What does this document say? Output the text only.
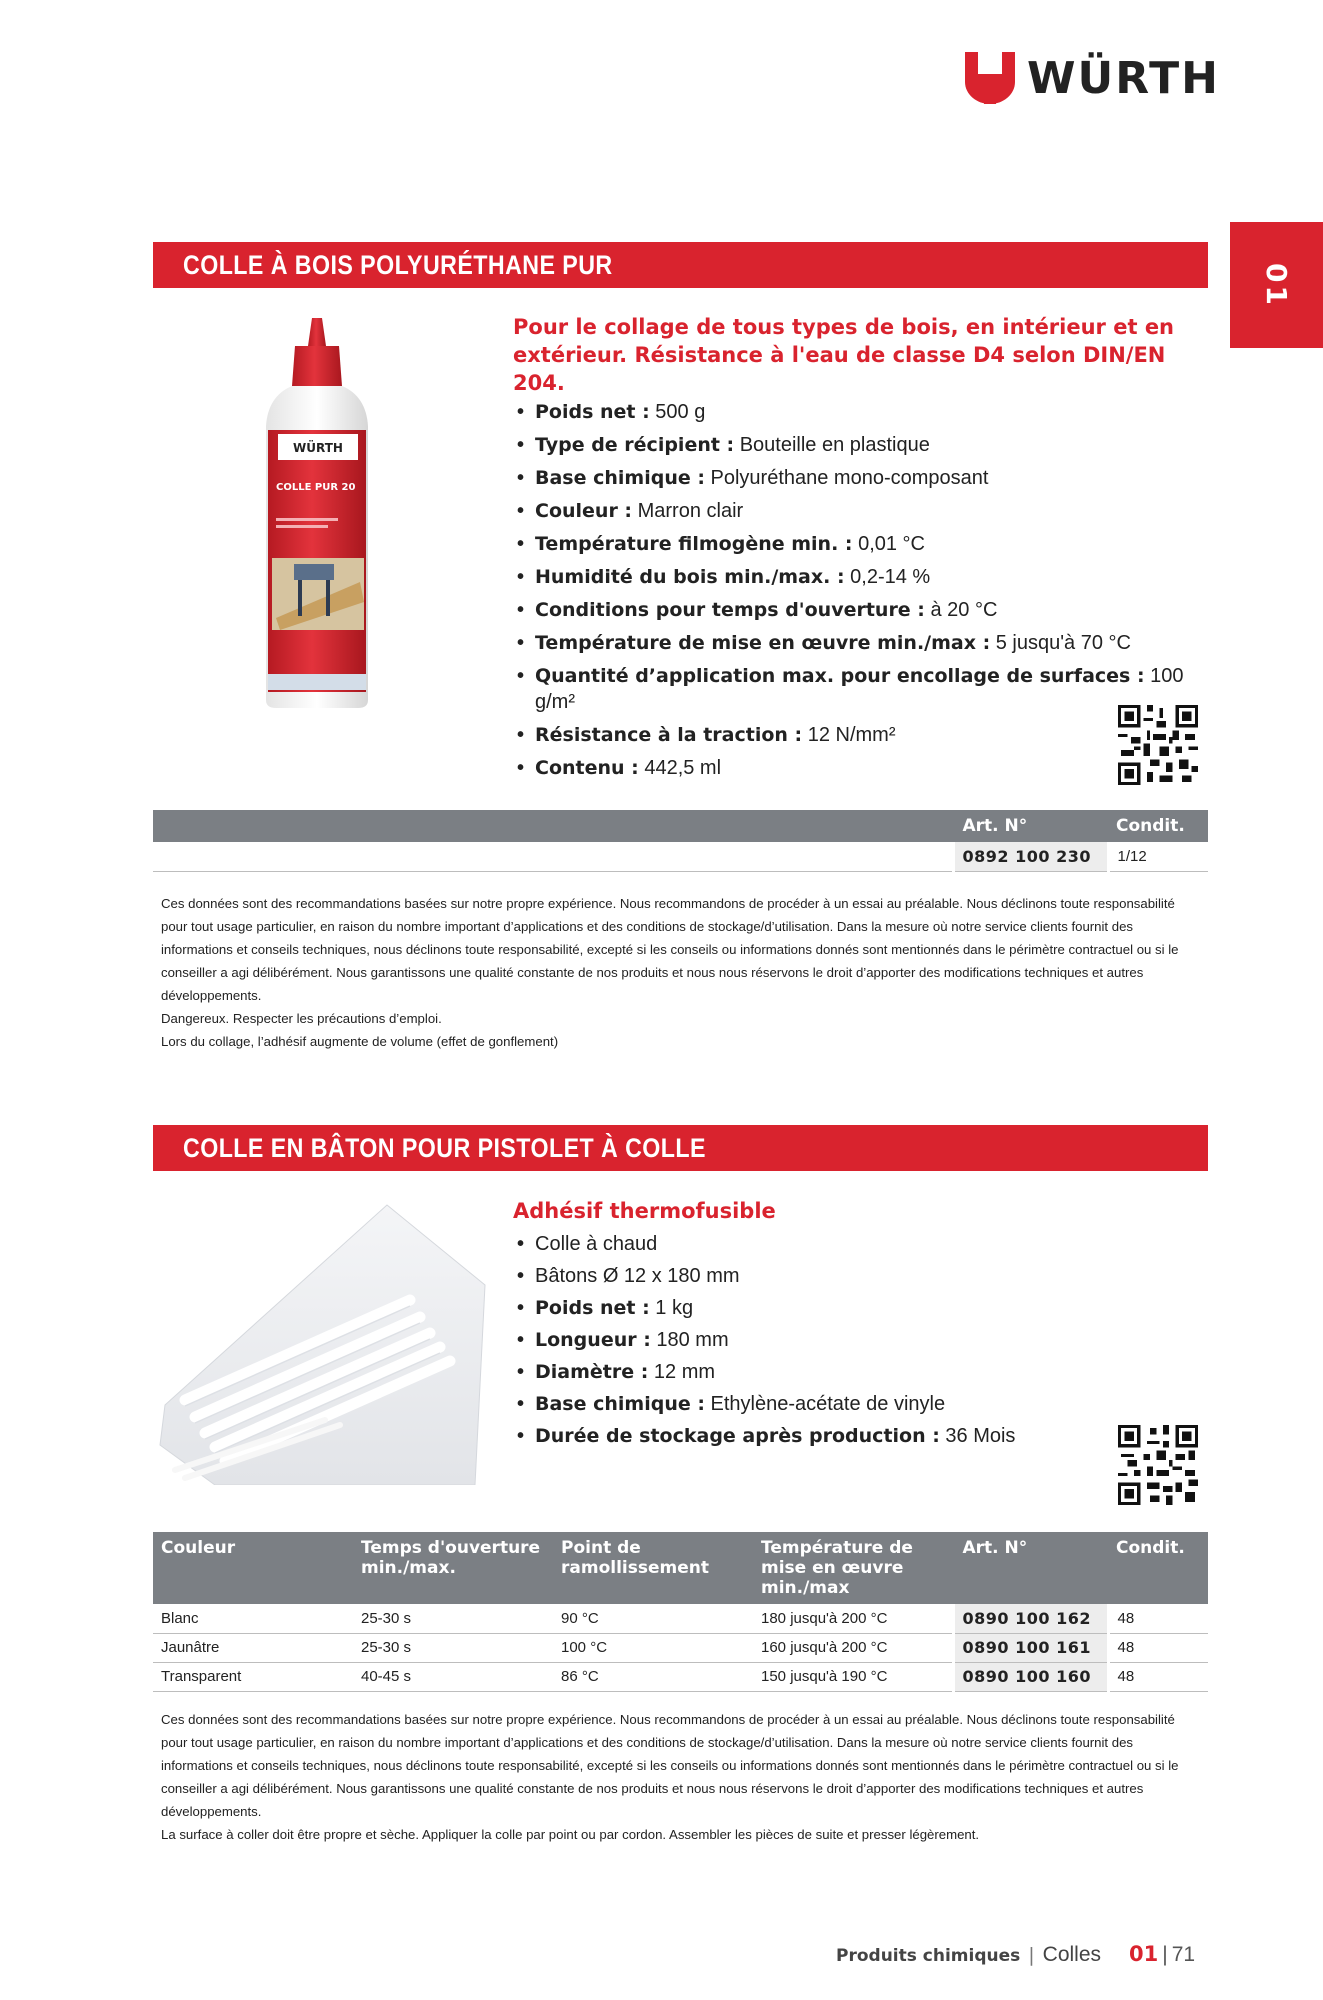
WÜRTH
01
COLLE À BOIS POLYURÉTHANE PUR
WÜRTH
COLLE PUR 20

Pour le collage de tous types de bois, en intérieur et en extérieur. Résistance à l'eau de classe D4 selon DIN/EN 204.

• Poids net : 500 g
• Type de récipient : Bouteille en plastique
• Base chimique : Polyuréthane mono-composant
• Couleur : Marron clair
• Température filmogène min. : 0,01 °C
• Humidité du bois min./max. : 0,2-14 %
• Conditions pour temps d'ouverture : à 20 °C
• Température de mise en œuvre min./max : 5 jusqu'à 70 °C
• Quantité d’application max. pour encollage de surfaces : 100 g/m²
• Résistance à la traction : 12 N/mm²
• Contenu : 442,5 ml
	Art. N°	Condit.
	0892 100 230	1/12

Ces données sont des recommandations basées sur notre propre expérience. Nous recommandons de procéder à un essai au préalable. Nous déclinons toute responsabilité pour tout usage particulier, en raison du nombre important d’applications et des conditions de stockage/d’utilisation. Dans la mesure où notre service clients fournit des informations et conseils techniques, nous déclinons toute responsabilité, excepté si les conseils ou informations donnés sont mentionnés dans le périmètre contractuel ou si le conseiller a agi délibérément. Nous garantissons une qualité constante de nos produits et nous nous réservons le droit d’apporter des modifications techniques et autres développements.

Dangereux. Respecter les précautions d’emploi.

Lors du collage, l’adhésif augmente de volume (effet de gonflement)

COLLE EN BÂTON POUR PISTOLET À COLLE

Adhésif thermofusible

• Colle à chaud
• Bâtons Ø 12 x 180 mm
• Poids net : 1 kg
• Longueur : 180 mm
• Diamètre : 12 mm
• Base chimique : Ethylène-acétate de vinyle
• Durée de stockage après production : 36 Mois
Couleur	Temps d'ouverture min./max.	Point de ramollissement	Température de mise en œuvre min./max	Art. N°	Condit.
Blanc	25-30 s	90 °C	180 jusqu'à 200 °C	0890 100 162	48
Jaunâtre	25-30 s	100 °C	160 jusqu'à 200 °C	0890 100 161	48
Transparent	40-45 s	86 °C	150 jusqu'à 190 °C	0890 100 160	48

Ces données sont des recommandations basées sur notre propre expérience. Nous recommandons de procéder à un essai au préalable. Nous déclinons toute responsabilité pour tout usage particulier, en raison du nombre important d’applications et des conditions de stockage/d’utilisation. Dans la mesure où notre service clients fournit des informations et conseils techniques, nous déclinons toute responsabilité, excepté si les conseils ou informations donnés sont mentionnés dans le périmètre contractuel ou si le conseiller a agi délibérément. Nous garantissons une qualité constante de nos produits et nous nous réservons le droit d’apporter des modifications techniques et autres développements.

La surface à coller doit être propre et sèche. Appliquer la colle par point ou par cordon. Assembler les pièces de suite et presser légèrement.

Produits chimiques | Colles 01 | 71
